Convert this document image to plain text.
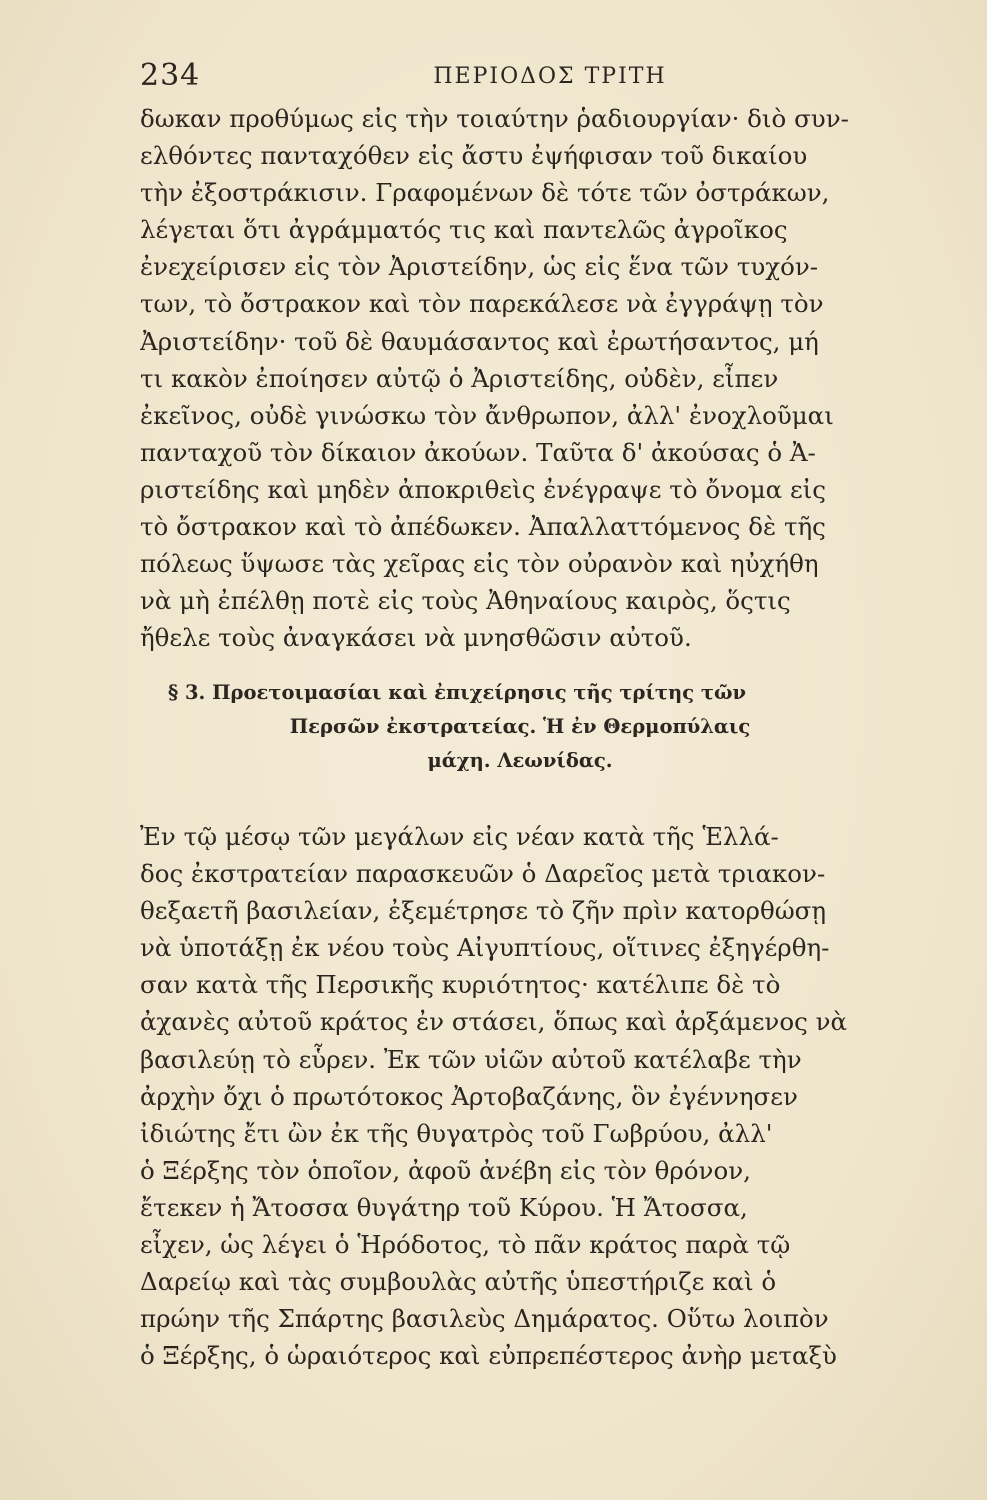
234	ΠΕΡΙΟΔΟΣ ΤΡΙΤΗ
δωκαν προθύμως εἰς τὴν τοιαύτην ῥαδιουργίαν· διὸ συν-
ελθόντες πανταχόθεν εἰς ἄστυ ἐψήφισαν τοῦ δικαίου
τὴν ἐξοστράκισιν. Γραφομένων δὲ τότε τῶν ὀστράκων,
λέγεται ὅτι ἀγράμματός τις καὶ παντελῶς ἀγροῖκος
ἐνεχείρισεν εἰς τὸν Ἀριστείδην, ὡς εἰς ἕνα τῶν τυχόν-
των, τὸ ὄστρακον καὶ τὸν παρεκάλεσε νὰ ἐγγράψῃ τὸν
Ἀριστείδην· τοῦ δὲ θαυμάσαντος καὶ ἐρωτήσαντος, μή
τι κακὸν ἐποίησεν αὐτῷ ὁ Ἀριστείδης, οὐδὲν, εἶπεν
ἐκεῖνος, οὐδὲ γινώσκω τὸν ἄνθρωπον, ἀλλ' ἐνοχλοῦμαι
πανταχοῦ τὸν δίκαιον ἀκούων. Ταῦτα δ' ἀκούσας ὁ Ἀ-
ριστείδης καὶ μηδὲν ἀποκριθεὶς ἐνέγραψε τὸ ὄνομα εἰς
τὸ ὄστρακον καὶ τὸ ἀπέδωκεν. Ἀπαλλαττόμενος δὲ τῆς
πόλεως ὕψωσε τὰς χεῖρας εἰς τὸν οὐρανὸν καὶ ηὐχήθη
νὰ μὴ ἐπέλθῃ ποτὲ εἰς τοὺς Ἀθηναίους καιρὸς, ὅςτις
ἤθελε τοὺς ἀναγκάσει νὰ μνησθῶσιν αὐτοῦ.
§ 3. Προετοιμασίαι καὶ ἐπιχείρησις τῆς τρίτης τῶν
Περσῶν ἐκστρατείας. Ἡ ἐν Θερμοπύλαις
μάχη. Λεωνίδας.
Ἐν τῷ μέσῳ τῶν μεγάλων εἰς νέαν κατὰ τῆς Ἑλλά-
δος ἐκστρατείαν παρασκευῶν ὁ Δαρεῖος μετὰ τριακον-
θεξαετῆ βασιλείαν, ἐξεμέτρησε τὸ ζῆν πρὶν κατορθώσῃ
νὰ ὑποτάξῃ ἐκ νέου τοὺς Αἰγυπτίους, οἵτινες ἐξηγέρθη-
σαν κατὰ τῆς Περσικῆς κυριότητος· κατέλιπε δὲ τὸ
ἀχανὲς αὐτοῦ κράτος ἐν στάσει, ὅπως καὶ ἀρξάμενος νὰ
βασιλεύῃ τὸ εὗρεν. Ἐκ τῶν υἱῶν αὐτοῦ κατέλαβε τὴν
ἀρχὴν ὄχι ὁ πρωτότοκος Ἀρτοβαζάνης, ὃν ἐγέννησεν
ἰδιώτης ἔτι ὢν ἐκ τῆς θυγατρὸς τοῦ Γωβρύου, ἀλλ'
ὁ Ξέρξης τὸν ὁποῖον, ἀφοῦ ἀνέβη εἰς τὸν θρόνον,
ἔτεκεν ἡ Ἄτοσσα θυγάτηρ τοῦ Κύρου. Ἡ Ἄτοσσα,
εἶχεν, ὡς λέγει ὁ Ἡρόδοτος, τὸ πᾶν κράτος παρὰ τῷ
Δαρείῳ καὶ τὰς συμβουλὰς αὐτῆς ὑπεστήριζε καὶ ὁ
πρώην τῆς Σπάρτης βασιλεὺς Δημάρατος. Οὕτω λοιπὸν
ὁ Ξέρξης, ὁ ὡραιότερος καὶ εὐπρεπέστερος ἀνὴρ μεταξὺ
